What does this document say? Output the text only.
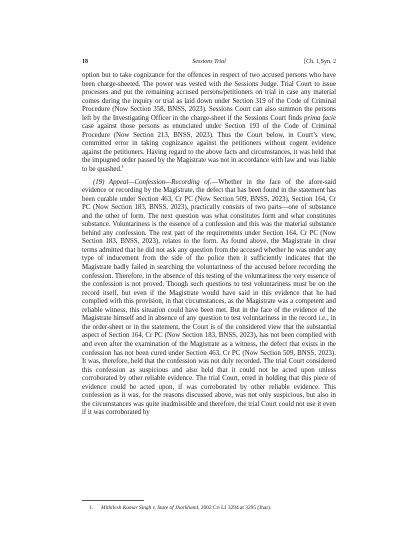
18	Sessions Trial	[Ch. 1,Syn. 2

option but to take cognizance for the offences in respect of two accused persons who have been charge-sheeted. The power was vested with the Sessions Judge. Trial Court to issue processes and put the remaining accused persons/petitioners on trial in case any material comes during the inquiry or trial as laid down under Section 319 of the Code of Criminal Procedure (Now Section 358, BNSS, 2023). Sessions Court can also summon the persons left by the Investigating Officer in the charge-sheet if the Sessions Court finds prima facie case against those persons as enunciated under Section 193 of the Code of Criminal Procedure (Now Section 213, BNSS, 2023). Thus the Court below, in Court’s view, committed error in taking cognizance against the petitioners without cogent evidence against the petitioners. Having regard to the above facts and circumstances, it was held that the impugned order passed by the Magistrate was not in accordance with law and was liable to be quashed.$^1$

(19) Appeal—Confession—Recording of.—Whether in the face of the afore-said evidence or recording by the Magistrate, the defect that has been found in the statement has been curable under Section 463, Cr PC (Now Section 509, BNSS, 2023), Section 164, Cr PC (Now Section 183, BNSS, 2023), practically consists of two parts—one of substance and the other of form. The next question was what constitutes form and what constitutes substance. Voluntariness is the essence of a confession and this was the material substance behind any confession. The rest part of the requirements under Section 164, Cr PC (Now Section 183, BNSS, 2023), relates to the form. As found above, the Magistrate in clear terms admitted that he did not ask any question from the accused whether he was under any type of inducement from the side of the police then it sufficiently indicates that the Magistrate badly failed in searching the voluntariness of the accused before recording the confession. Therefore, in the absence of this testing of the voluntariness the very essence of the confession is not proved. Though such questions to test voluntariness must be on the record itself, but even if the Magistrate would have said in this evidence that he had complied with this provision, in that circumstances, as the Magistrate was a competent and reliable witness, this situation could have been met. But in the face of the evidence of the Magistrate himself and in absence of any question to test voluntariness in the record i.e., in the order-sheet or in the statement, the Court is of the considered view that the substantial aspect of Section 164, Cr PC (Now Section 183, BNSS, 2023), has not been complied with and even after the examination of the Magistrate as a witness, the defect that exists in the confession has not been cured under Section 463, Cr PC (Now Section 509, BNSS, 2023). It was, therefore, held that the confession was not duly recorded. The trial Court considered this confession as suspicious and also held that it could not be acted upon unless corroborated by other reliable evidence. The trial Court, erred in holding that this piece of evidence could be acted upon, if was corroborated by other reliable evidence. This confession as it was, for the reasons discussed above, was not only suspicious, but also in the circumstances was quite inadmissible and therefore, the trial Court could not use it even if it was corroborated by

1. Mithilesh Kumar Singh v. State of Jharkhand, 2002 Cri LJ 3294 at 3295 (Jhar).
